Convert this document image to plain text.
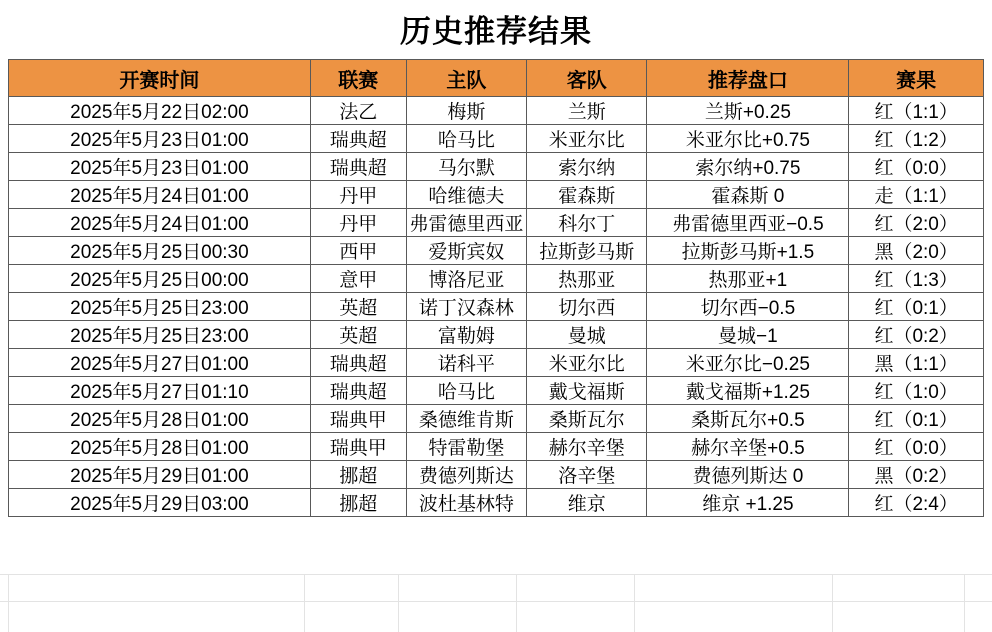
历史推荐结果
开赛时间	联赛	主队	客队	推荐盘口	赛果
2025年5月22日02:00	法乙	梅斯	兰斯	兰斯+0.25	红（1:1）
2025年5月23日01:00	瑞典超	哈马比	米亚尔比	米亚尔比+0.75	红（1:2）
2025年5月23日01:00	瑞典超	马尔默	索尔纳	索尔纳+0.75	红（0:0）
2025年5月24日01:00	丹甲	哈维德夫	霍森斯	霍森斯 0	走（1:1）
2025年5月24日01:00	丹甲	弗雷德里西亚	科尔丁	弗雷德里西亚−0.5	红（2:0）
2025年5月25日00:30	西甲	爱斯宾奴	拉斯彭马斯	拉斯彭马斯+1.5	黑（2:0）
2025年5月25日00:00	意甲	博洛尼亚	热那亚	热那亚+1	红（1:3）
2025年5月25日23:00	英超	诺丁汉森林	切尔西	切尔西−0.5	红（0:1）
2025年5月25日23:00	英超	富勒姆	曼城	曼城−1	红（0:2）
2025年5月27日01:00	瑞典超	诺科平	米亚尔比	米亚尔比−0.25	黑（1:1）
2025年5月27日01:10	瑞典超	哈马比	戴戈福斯	戴戈福斯+1.25	红（1:0）
2025年5月28日01:00	瑞典甲	桑德维肯斯	桑斯瓦尔	桑斯瓦尔+0.5	红（0:1）
2025年5月28日01:00	瑞典甲	特雷勒堡	赫尔辛堡	赫尔辛堡+0.5	红（0:0）
2025年5月29日01:00	挪超	费德列斯达	洛辛堡	费德列斯达 0	黑（0:2）
2025年5月29日03:00	挪超	波杜基林特	维京	维京 +1.25	红（2:4）
